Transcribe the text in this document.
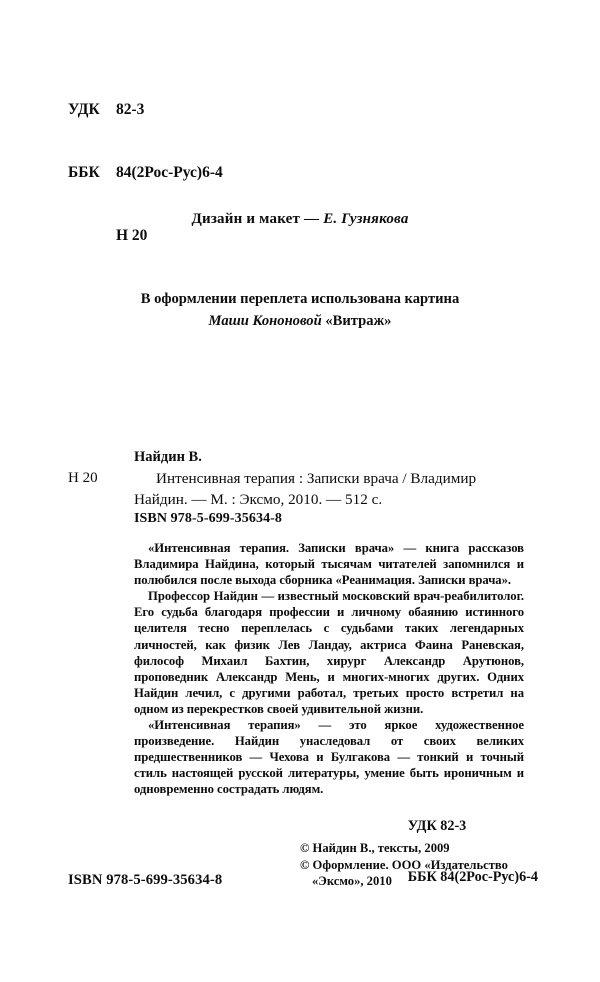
УДК 82-3

ББК 84(2Рос-Рус)6-4

Н 20

Дизайн и макет — Е. Гузнякова
В оформлении переплета использована картина
Маши Кононовой «Витраж»
Найдин В.
Н 20	Интенсивная терапия : Записки врача / Владимир Найдин. — М. : Эксмо, 2010. — 512 с.
ISBN 978-5-699-35634-8

«Интенсивная терапия. Записки врача» — книга рассказов Владимира Найдина, который тысячам читателей запомнился и полюбился после выхода сборника «Реанимация. Записки врача».

Профессор Найдин — известный московский врач-реабилитолог. Его судьба благодаря профессии и личному обаянию истинного целителя тесно переплелась с судьбами таких легендарных личностей, как физик Лев Ландау, актриса Фаина Раневская, философ Михаил Бахтин, хирург Александр Арутюнов, проповедник Александр Мень, и многих-многих других. Одних Найдин лечил, с другими работал, третьих просто встретил на одном из перекрестков своей удивительной жизни.

«Интенсивная терапия» — это яркое художественное произведение. Найдин унаследовал от своих великих предшественников — Чехова и Булгакова — тонкий и точный стиль настоящей русской литературы, умение быть ироничным и одновременно сострадать людям.

УДК 82-3

ББК 84(2Рос-Рус)6-4

© Найдин В., тексты, 2009
© Оформление. ООО «Издательство
«Эксмо», 2010
ISBN 978-5-699-35634-8
